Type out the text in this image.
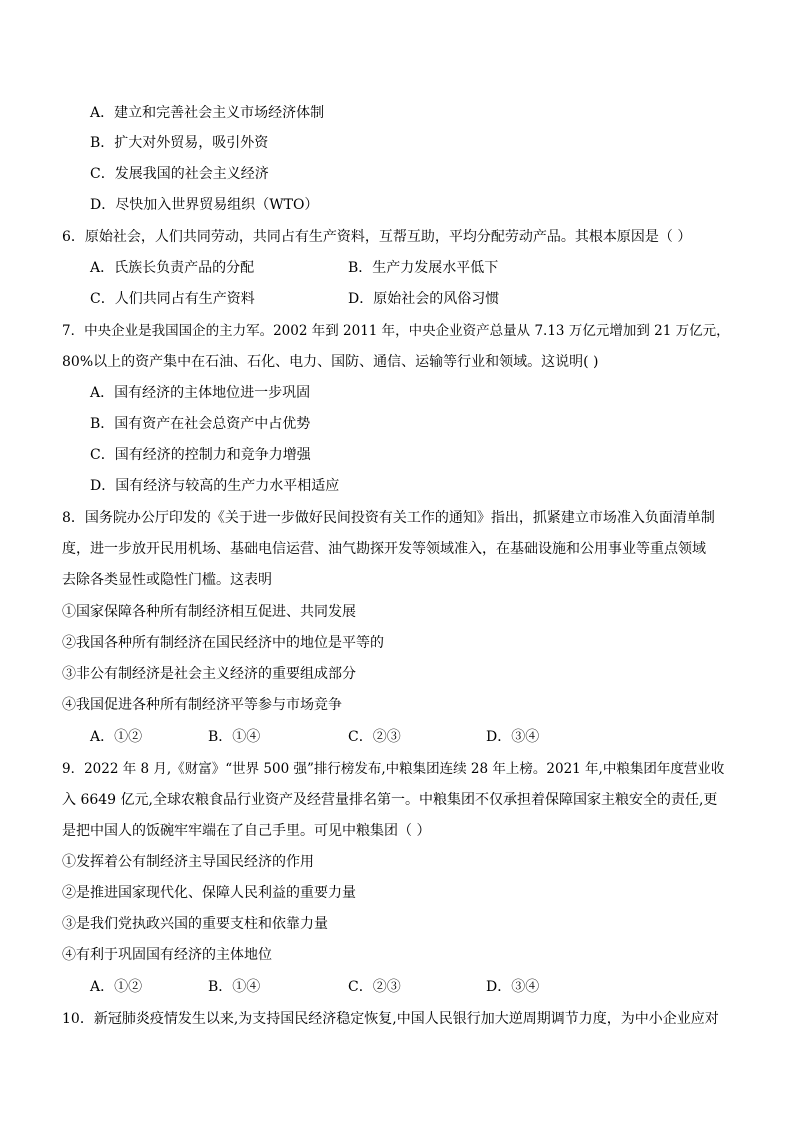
A．建立和完善社会主义市场经济体制
B．扩大对外贸易，吸引外资
C．发展我国的社会主义经济
D．尽快加入世界贸易组织（WTO）
6．原始社会，人们共同劳动，共同占有生产资料，互帮互助，平均分配劳动产品。其根本原因是（ ）
A．氏族长负责产品的分配	B．生产力发展水平低下
C．人们共同占有生产资料	D．原始社会的风俗习惯
7．中央企业是我国国企的主力军。2002 年到 2011 年，中央企业资产总量从 7.13 万亿元增加到 21 万亿元，
80%以上的资产集中在石油、石化、电力、国防、通信、运输等行业和领域。这说明( )
A．国有经济的主体地位进一步巩固
B．国有资产在社会总资产中占优势
C．国有经济的控制力和竞争力增强
D．国有经济与较高的生产力水平相适应
8．国务院办公厅印发的《关于进一步做好民间投资有关工作的通知》指出，抓紧建立市场准入负面清单制
度，进一步放开民用机场、基础电信运营、油气勘探开发等领域准入，在基础设施和公用事业等重点领域
去除各类显性或隐性门槛。这表明
①国家保障各种所有制经济相互促进、共同发展
②我国各种所有制经济在国民经济中的地位是平等的
③非公有制经济是社会主义经济的重要组成部分
④我国促进各种所有制经济平等参与市场竞争
A．①②	B．①④	C．②③	D．③④
9．2022 年 8 月,《财富》“世界 500 强”排行榜发布,中粮集团连续 28 年上榜。2021 年,中粮集团年度营业收
入 6649 亿元,全球农粮食品行业资产及经营量排名第一。中粮集团不仅承担着保障国家主粮安全的责任,更
是把中国人的饭碗牢牢端在了自己手里。可见中粮集团（ ）
①发挥着公有制经济主导国民经济的作用
②是推进国家现代化、保障人民利益的重要力量
③是我们党执政兴国的重要支柱和依靠力量
④有利于巩固国有经济的主体地位
A．①②	B．①④	C．②③	D．③④
10．新冠肺炎疫情发生以来,为支持国民经济稳定恢复,中国人民银行加大逆周期调节力度，为中小企业应对
